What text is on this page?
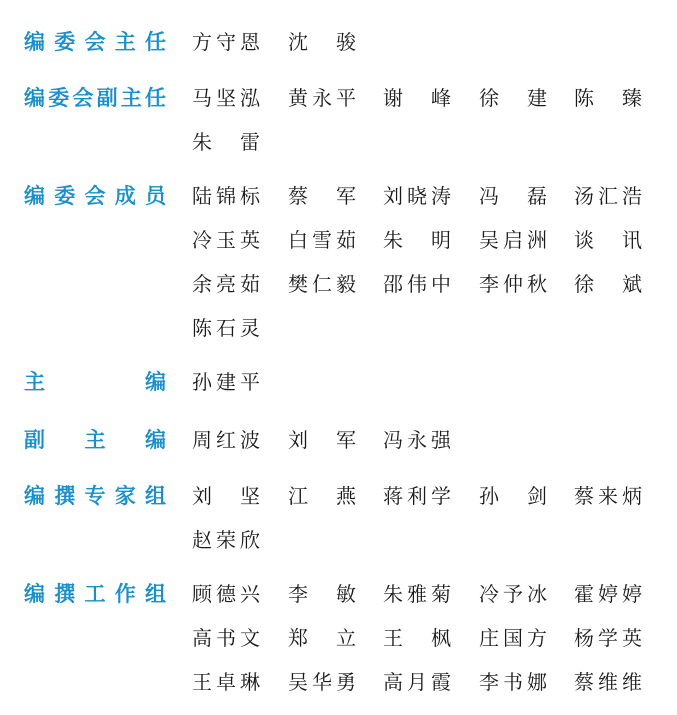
编 委 会 主 任 方 守 恩 沈 骏
编 委 会 副 主 任 马 坚 泓 黄 永 平 谢 峰 徐 建 陈 臻
朱 雷
编 委 会 成 员 陆 锦 标 蔡 军 刘 晓 涛 冯 磊 汤 汇 浩
冷 玉 英 白 雪 茹 朱 明 吴 启 洲 谈 讯
余 亮 茹 樊 仁 毅 邵 伟 中 李 仲 秋 徐 斌
陈 石 灵
主	编 孙 建 平
副 主 编 周 红 波 刘 军 冯 永 强
编 撰 专 家 组 刘 坚 江 燕 蒋 利 学 孙 剑 蔡 来 炳
赵 荣 欣
编 撰 工 作 组 顾 德 兴 李 敏 朱 雅 菊 冷 予 冰 霍 婷 婷
高 书 文 郑 立 王 枫 庄 国 方 杨 学 英
王 卓 琳 吴 华 勇 高 月 霞 李 书 娜 蔡 维 维
